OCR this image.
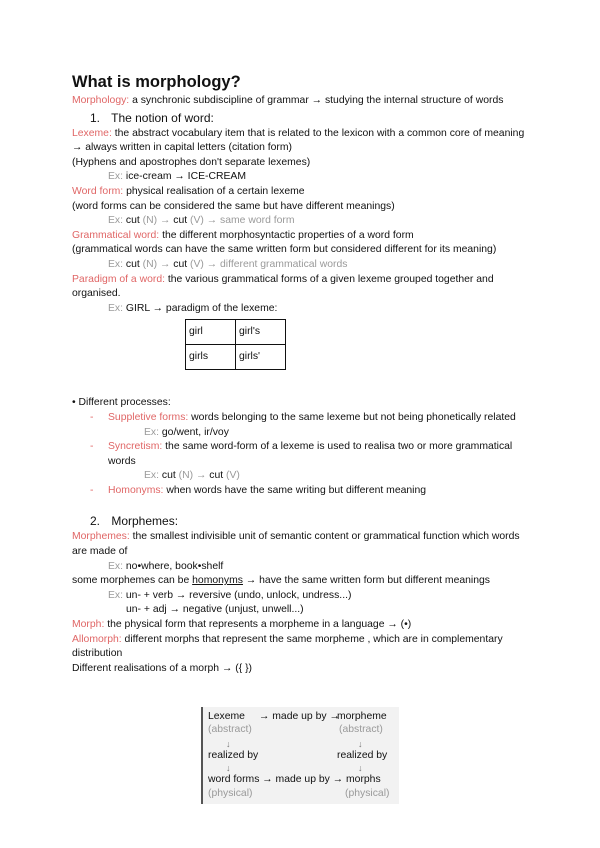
What is morphology?

Morphology: a synchronic subdiscipline of grammar → studying the internal structure of words

1. The notion of word:

Lexeme: the abstract vocabulary item that is related to the lexicon with a common core of meaning → always written in capital letters (citation form)

(Hyphens and apostrophes don't separate lexemes)

Ex: ice-cream → ICE-CREAM

Word form: physical realisation of a certain lexeme

(word forms can be considered the same but have different meanings)

Ex: cut (N) → cut (V) → same word form

Grammatical word: the different morphosyntactic properties of a word form

(grammatical words can have the same written form but considered different for its meaning)

Ex: cut (N) → cut (V) → different grammatical words

Paradigm of a word: the various grammatical forms of a given lexeme grouped together and organised.

Ex: GIRL → paradigm of the lexeme:

girl	girl's
girls	girls'

• Different processes:

- Suppletive forms: words belonging to the same lexeme but not being phonetically related

Ex: go/went, ir/voy

- Syncretism: the same word-form of a lexeme is used to realisa two or more grammatical words

Ex: cut (N) → cut (V)

- Homonyms: when words have the same writing but different meaning
2. Morphemes:

Morphemes: the smallest indivisible unit of semantic content or grammatical function which words are made of

Ex: no•where, book•shelf

some morphemes can be homonyms → have the same written form but different meanings

Ex: un- + verb → reversive (undo, unlock, undress...)

un- + adj → negative (unjust, unwell...)

Morph: the physical form that represents a morpheme in a language → (•)

Allomorph: different morphs that represent the same morpheme , which are in complementary distribution

Different realisations of a morph → ({ })

Lexeme → made up by →
morpheme
(abstract)	(abstract)
↓	↓
realized by	realized by
↓	↓
word forms → made up by → morphs
(physical)	(physical)
